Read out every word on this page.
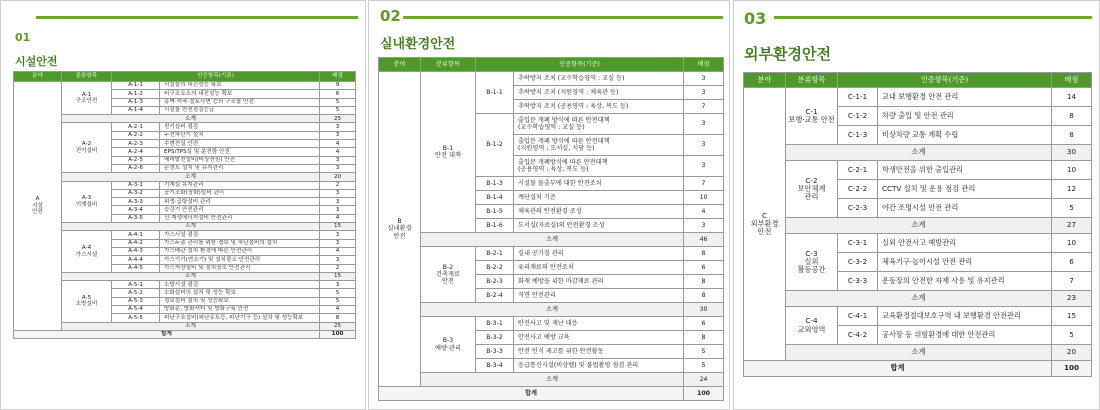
01
시설안전
분야	분류항목	인증항목(기준)		배점
A
시설
안전	A-1
구조안전	A-1-1	시설물의 내진성능 확보	9
		A-1-2	비구조요소의 내진성능 확보	6
		A-1-3	옹벽·석축·절토사면 등의 구조물 안전	5
		A-1-4	시설물 안전점검등급	5
	소계			25
	A-2
전기설비	A-2-1	전기설비 점검	3
		A-2-2	누전차단기 설치	3
		A-2-3	수변전실 안전	4
		A-2-4	EPS/TPS실 및 분전함 안전	4
		A-2-5	예비발전설비(비상전원) 안전	3
		A-2-6	콘센트 설치 및 유지관리	3
	소계			20
	A-3
기계설비	A-3-1	기계실 유지관리	2
		A-3-2	공기조화(장화)설비 관리	3
		A-3-3	위생·급탕설비 관리	3
		A-3-4	승강기 안전관리	3
		A-3-5	신·재생에너지설비 안전관리	4
	소계			15
	A-4
가스시설	A-4-1	가스시설 점검	3
		A-4-2	가스누출 관리를 위한 경보 및 차단설비의 설치	3
		A-4-3	가스배관 설치 환경에 따른 안전관리	4
		A-4-4	가스기기(연소기) 및 설치장소 안전관리	3
		A-4-5	가스저장설비 및 설치장소 안전관리	2
	소계			15
	A-5
소방설비	A-5-1	소방시설 점검	3
		A-5-2	소화설비의 설치 및 성능 확보	5
		A-5-3	경보설비 설치 및 성능확보	5
		A-5-4	방화문, 방화셔터 및 방화구획 안전	4
		A-5-5	피난구조설비(피난유도등, 피난기구 등) 설치 및 성능확보	8
	소계			25
합계				100
02
실내환경안전
분야	분류항목	인증항목(기준)		배점
B
실내환경
안전	B-1
안전 대책	B-1-1	추락방지 조치 (교수학습영역 : 교실 등)	3
			추락방지 조치 (지원영역 : 체육관 등)	3
			추락방지 조치 (공용영역 : 육상, 복도 등)	7
		B-1-2	출입문 개폐 방식에 따른 안전대책
(교수학습영역 : 교실 등)	3
			출입문 개폐 방식에 따른 안전대책
(지원영역 : 도서실, 식당 등)	3
			출입문 개폐방식에 따른 안전대책
(공용영역 : 육상, 복도 등)	3
		B-1-3	시설물 돌출부에 대한 안전조치	7
		B-1-4	계단설치 기준	10
		B-1-5	체육관의 안전환경 조성	4
		B-1-6	도서실(자료실)의 안전환경 조성	3
	소계			46
	B-2
건축재료
안전	B-2-1	실내 공기질 관리	8
		B-2-2	유리재료의 안전조치	6
		B-2-3	화재 예방을 위한 마감재료 관리	8
		B-2-4	석면 안전관리	8
	소계			30
	B-3
예방·관리	B-3-1	안전사고 및 재난 대응	6
		B-3-2	안전사고 예방 교육	8
		B-3-3	안전 인식 제고를 위한 안전활동	5
		B-3-4	응급통신시설(비상벨) 및 불법촬영 점검 관리	5
	소계			24
합계				100
03
외부환경안전
분야	분류항목	인증항목(기준)		배점
C
외부환경
안전	C-1
보행·교통 안전	C-1-1	교내 보행환경 안전 관리	14
		C-1-2	차량 출입 및 안전 관리	8
		C-1-3	비상차량 교통 계획 수립	8
	소계			30
	C-2
보안체계
관리	C-2-1	학생안전을 위한 출입관리	10
		C-2-2	CCTV 설치 및 운용 점검 관리	12
		C-2-3	야간 조명시설 안전 관리	5
	소계			27
	C-3
실외
활동공간	C-3-1	실외 안전사고 예방관리	10
		C-3-2	체육기구·놀이시설 안전 관리	6
		C-3-3	운동장의 안전한 자재 사용 및 유지관리	7
	소계			23
	C-4
교외영역	C-4-1	교육환경절대보호구역 내 보행환경 안전관리	15
		C-4-2	공사장 등 위험환경에 대한 안전관리	5
	소계			20
합계				100
